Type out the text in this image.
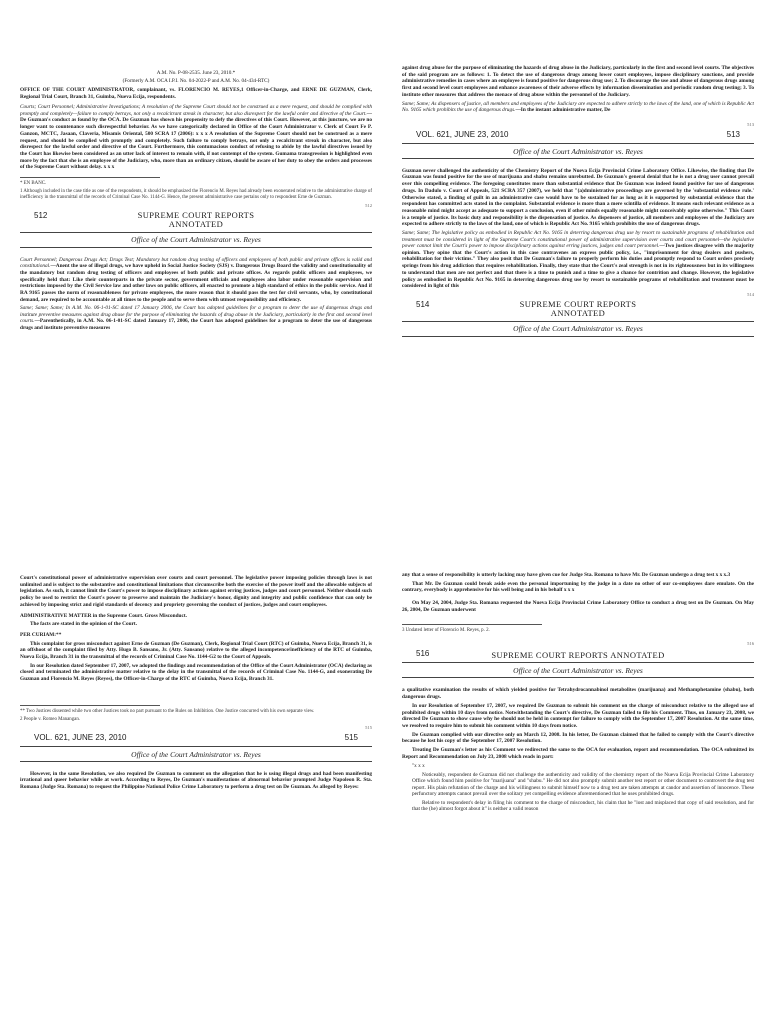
A.M. No. P-08-2535. June 23, 2010.*

(Formerly A.M. OCA I.P.I. No. 04-2022-P and A.M. No. 04-434-RTC)

OFFICE OF THE COURT ADMINISTRATOR, complainant, vs. FLORENCIO M. REYES,1 Officer-in-Charge, and ERNE DE GUZMAN, Clerk, Regional Trial Court, Branch 31, Guimba, Nueva Ecija, respondents.

Courts; Court Personnel; Administrative Investigations; A resolution of the Supreme Court should not be construed as a mere request, and should be complied with promptly and completely—failure to comply betrays, not only a recalcitrant streak in character, but also disrespect for the lawful order and directive of the Court.—De Guzman's conduct as found by the OCA. De Guzman has shown his propensity to defy the directives of this Court. However, at this juncture, we are no longer want to countenance such disrespectful behavior. As we have categorically declared in Office of the Court Administrator v. Clerk of Court Fe P. Ganzon, MCTC, Jasaan, Claveria, Misamis Oriental, 500 SCRA 17 (2006): x x x A resolution of the Supreme Court should not be construed as a mere request, and should be complied with promptly and completely. Such failure to comply betrays, not only a recalcitrant streak in character, but also disrespect for the lawful order and directive of the Court. Furthermore, this contumacious conduct of refusing to abide by the lawful directives issued by the Court has likewise been considered as an utter lack of interest to remain with, if not contempt of the system. Gumama transgression is highlighted even more by the fact that she is an employee of the Judiciary, who, more than an ordinary citizen, should be aware of her duty to obey the orders and processes of the Supreme Court without delay. x x x

* EN BANC.

1 Although included in the case title as one of the respondents, it should be emphasized the Florencio M. Reyes had already been exonerated relative to the administrative charge of inefficiency in the transmittal of the records of Criminal Case No. 1144-G. Hence, the present administrative case pertains only to respondent Erne de Guzman.

512
512	SUPREME COURT REPORTS
ANNOTATED
Office of the Court Administrator vs. Reyes

Court Personnel; Dangerous Drugs Act; Drugs Test; Mandatory but random drug testing of officers and employees of both public and private offices is valid and constitutional.—Anent the use of illegal drugs, we have upheld in Social Justice Society (SJS) v. Dangerous Drugs Board the validity and constitutionality of the mandatory but random drug testing of officers and employees of both public and private offices. As regards public officers and employees, we specifically held that: Like their counterparts in the private sector, government officials and employees also labor under reasonable supervision and restrictions imposed by the Civil Service law and other laws on public officers, all enacted to promote a high standard of ethics in the public service. And if RA 9165 passes the norm of reasonableness for private employees, the more reason that it should pass the test for civil servants, who, by constitutional demand, are required to be accountable at all times to the people and to serve them with utmost responsibility and efficiency.

Same; Same; Same; In A.M. No. 06-1-01-SC dated 17 January 2006, the Court has adopted guidelines for a program to deter the use of dangerous drugs and institute preventive measures against drug abuse for the purpose of eliminating the hazards of drug abuse in the Judiciary, particularly in the first and second level courts.—Parenthetically, in A.M. No. 06-1-01-SC dated January 17, 2006, the Court has adopted guidelines for a program to deter the use of dangerous drugs and institute preventive measures

against drug abuse for the purpose of eliminating the hazards of drug abuse in the Judiciary, particularly in the first and second level courts. The objectives of the said program are as follows: 1. To detect the use of dangerous drugs among lower court employees, impose disciplinary sanctions, and provide administrative remedies in cases where an employee is found positive for dangerous drug use; 2. To discourage the use and abuse of dangerous drugs among first and second level court employees and enhance awareness of their adverse effects by information dissemination and periodic random drug testing; 3. To institute other measures that address the menace of drug abuse within the personnel of the Judiciary.

Same; Same; As dispensers of justice, all members and employees of the Judiciary are expected to adhere strictly to the laws of the land, one of which is Republic Act No. 9165 which prohibits the use of dangerous drugs.—In the instant administrative matter, De

513
VOL. 621, JUNE 23, 2010	513
Office of the Court Administrator vs. Reyes

Guzman never challenged the authenticity of the Chemistry Report of the Nueva Ecija Provincial Crime Laboratory Office. Likewise, the finding that De Guzman was found positive for the use of marijuana and shabu remains unrebutted. De Guzman's general denial that he is not a drug user cannot prevail over this compelling evidence. The foregoing constitutes more than substantial evidence that De Guzman was indeed found positive for use of dangerous drugs. In Dadulo v. Court of Appeals, 521 SCRA 357 (2007), we held that "(a)dministrative proceedings are governed by the 'substantial evidence rule.' Otherwise stated, a finding of guilt in an administrative case would have to be sustained for as long as it is supported by substantial evidence that the respondent has committed acts stated in the complaint. Substantial evidence is more than a mere scintilla of evidence. It means such relevant evidence as a reasonable mind might accept as adequate to support a conclusion, even if other minds equally reasonable might conceivably opine otherwise." This Court is a temple of justice. Its basic duty and responsibility is the dispensation of justice. As dispensers of justice, all members and employees of the Judiciary are expected to adhere strictly to the laws of the land, one of which is Republic Act No. 9165 which prohibits the use of dangerous drugs.

Same; Same; The legislative policy as embodied in Republic Act No. 9165 in deterring dangerous drug use by resort to sustainable programs of rehabilitation and treatment must be considered in light of the Supreme Court's constitutional power of administrative supervision over courts and court personnel—the legislative power cannot limit the Court's power to impose disciplinary actions against erring justices, judges and court personnel.—Two justices disagree with the majority opinion. They opine that the Court's action in this case contravenes an express public policy, i.e., "imprisonment for drug dealers and pushers, rehabilitation for their victims." They also posit that De Guzman's failure to properly perform his duties and promptly respond to Court orders precisely springs from his drug addiction that requires rehabilitation. Finally, they state that the Court's zeal strength is not in its righteousness but in its willingness to understand that men are not perfect and that there is a time to punish and a time to give a chance for contrition and change. However, the legislative policy as embodied in Republic Act No. 9165 in deterring dangerous drug use by resort to sustainable programs of rehabilitation and treatment must be considered in light of this

514
514	SUPREME COURT REPORTS
ANNOTATED
Office of the Court Administrator vs. Reyes

Court's constitutional power of administrative supervision over courts and court personnel. The legislative power imposing policies through laws is not unlimited and is subject to the substantive and constitutional limitations that circumscribe both the exercise of the power itself and the allowable subjects of legislation. As such, it cannot limit the Court's power to impose disciplinary actions against erring justices, judges and court personnel. Neither should such policy be used to restrict the Court's power to preserve and maintain the Judiciary's honor, dignity and integrity and public confidence that can only be achieved by imposing strict and rigid standards of decency and propriety governing the conduct of justices, judges and court employees.

ADMINISTRATIVE MATTER in the Supreme Court. Gross Misconduct.

The facts are stated in the opinion of the Court.

PER CURIAM:**

This complaint for gross misconduct against Erne de Guzman (De Guzman), Clerk, Regional Trial Court (RTC) of Guimba, Nueva Ecija, Branch 31, is an offshoot of the complaint filed by Atty. Hugo B. Sansano, Jr. (Atty. Sansano) relative to the alleged incompetence/inefficiency of the RTC of Guimba, Nueva Ecija, Branch 31 in the transmittal of the records of Criminal Case No. 1144-G2 to the Court of Appeals.

In our Resolution dated September 17, 2007, we adopted the findings and recommendation of the Office of the Court Administrator (OCA) declaring as closed and terminated the administrative matter relative to the delay in the transmittal of the records of Criminal Case No. 1144-G, and exonerating De Guzman and Florencio M. Reyes (Reyes), the Officer-in-Charge of the RTC of Guimba, Nueva Ecija, Branch 31.

** Two Justices dissented while two other Justices took no part pursuant to the Rules on Inhibition. One Justice concurred with his own separate view.

2 People v. Romeo Manangan.

515
VOL. 621, JUNE 23, 2010	515
Office of the Court Administrator vs. Reyes

However, in the same Resolution, we also required De Guzman to comment on the allegation that he is using illegal drugs and had been manifesting irrational and queer behavior while at work. According to Reyes, De Guzman's manifestations of abnormal behavior prompted Judge Napoleon R. Sta. Romana (Judge Sta. Romana) to request the Philippine National Police Crime Laboratory to perform a drug test on De Guzman. As alleged by Reyes:

any that a sense of responsibility is utterly lacking may have given cue for Judge Sta. Romana to have Mr. De Guzman undergo a drug test x x x.3

That Mr. De Guzman could break aside even the personal importuning by the judge in a date no other of our co-employees dare emulate. On the contrary, everybody is apprehensive for his well being and in his behalf x x x

On May 24, 2004, Judge Sta. Romana requested the Nueva Ecija Provincial Crime Laboratory Office to conduct a drug test on De Guzman. On May 26, 2004, De Guzman underwent

3 Undated letter of Florencio M. Reyes, p. 2.

516
516	SUPREME COURT REPORTS ANNOTATED
Office of the Court Administrator vs. Reyes

a qualitative examination the results of which yielded positive for Tetrahydrocannabinol metabolites (marijuana) and Methamphetamine (shabu), both dangerous drugs.

In our Resolution of September 17, 2007, we required De Guzman to submit his comment on the charge of misconduct relative to the alleged use of prohibited drugs within 10 days from notice. Notwithstanding the Court's directive, De Guzman failed to file his Comment. Thus, on January 23, 2008, we directed De Guzman to show cause why he should not be held in contempt for failure to comply with the September 17, 2007 Resolution. At the same time, we resolved to require him to submit his comment within 10 days from notice.

De Guzman complied with our directive only on March 12, 2008. In his letter, De Guzman claimed that he failed to comply with the Court's directive because he lost his copy of the September 17, 2007 Resolution.

Treating De Guzman's letter as his Comment we redirected the same to the OCA for evaluation, report and recommendation. The OCA submitted its Report and Recommendation on July 23, 2008 which reads in part:

"x x x

Noticeably, respondent de Guzman did not challenge the authenticity and validity of the chemistry report of the Nueva Ecija Provincial Crime Laboratory Office which found him positive for "marijuana" and "shabu." He did not also promptly submit another test report or other document to controvert the drug test report. His plain refutation of the charge and his willingness to submit himself now to a drug test are taken attempts at candor and assertion of innocence. These perfunctory attempts cannot prevail over the solitary yet compelling evidence aforementioned that he uses prohibited drugs.

Relative to respondent's delay in filing his comment to the charge of misconduct, his claim that he "lost and misplaced that copy of said resolution, and for that the (he) almost forgot about it" is neither a valid reason
